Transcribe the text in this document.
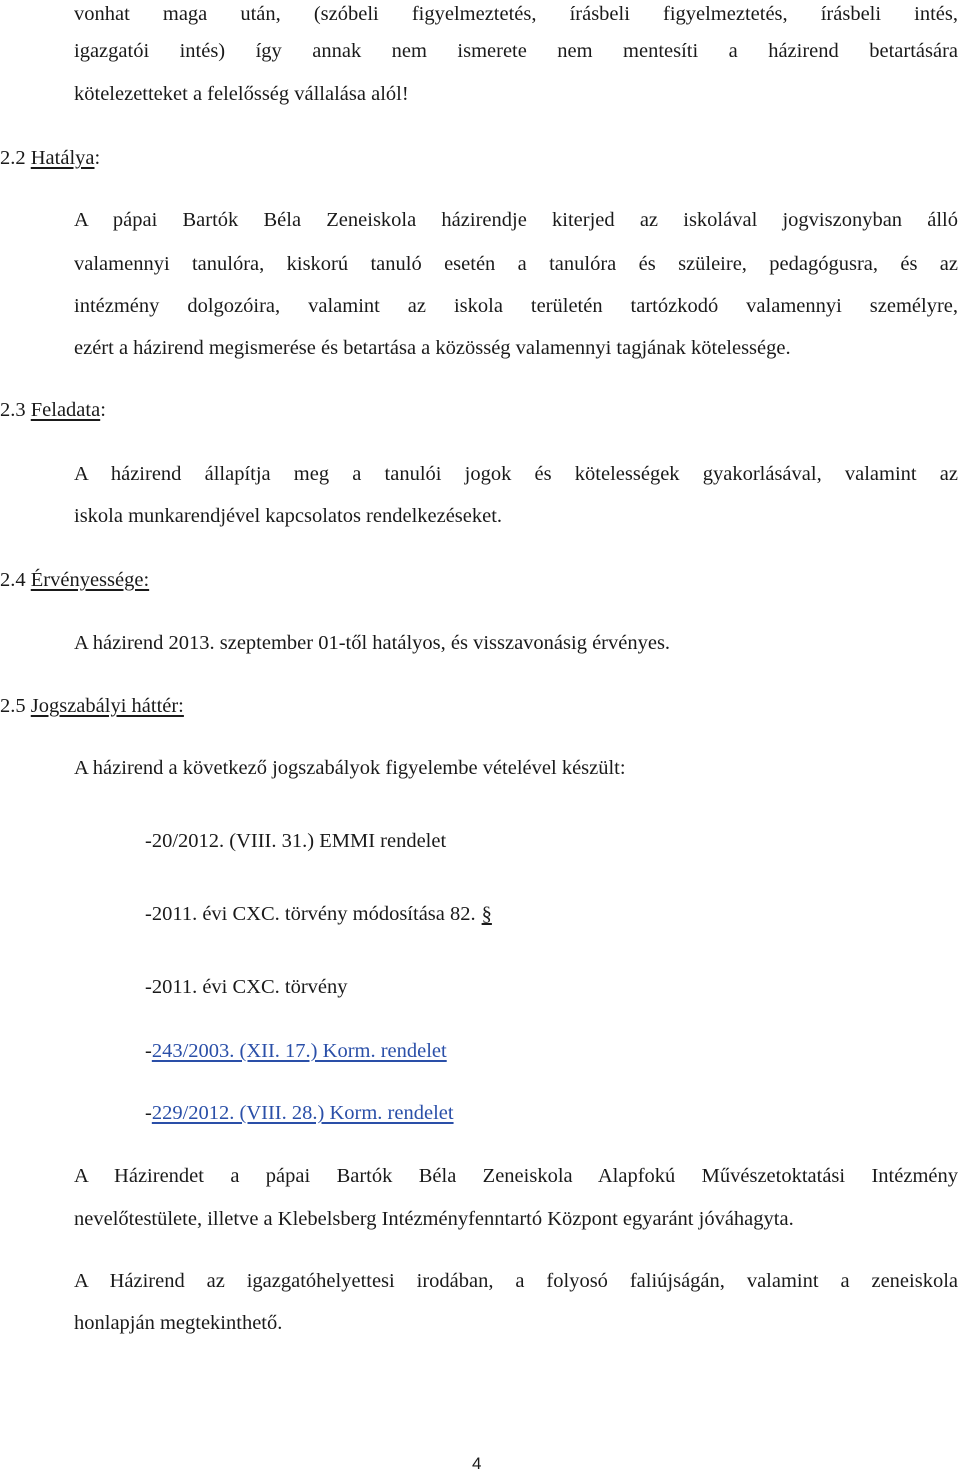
vonhat maga után, (szóbeli figyelmeztetés, írásbeli figyelmeztetés, írásbeli intés,
igazgatói intés) így annak nem ismerete nem mentesíti a házirend betartására
kötelezetteket a felelősség vállalása alól!
2.2 Hatálya:
A pápai Bartók Béla Zeneiskola házirendje kiterjed az iskolával jogviszonyban álló
valamennyi tanulóra, kiskorú tanuló esetén a tanulóra és szüleire, pedagógusra, és az
intézmény dolgozóira, valamint az iskola területén tartózkodó valamennyi személyre,
ezért a házirend megismerése és betartása a közösség valamennyi tagjának kötelessége.
2.3 Feladata:
A házirend állapítja meg a tanulói jogok és kötelességek gyakorlásával, valamint az
iskola munkarendjével kapcsolatos rendelkezéseket.
2.4 Érvényessége:
A házirend 2013. szeptember 01-től hatályos, és visszavonásig érvényes.
2.5 Jogszabályi háttér:
A házirend a következő jogszabályok figyelembe vételével készült:
-20/2012. (VIII. 31.) EMMI rendelet
-2011. évi CXC. törvény módosítása 82. §
-2011. évi CXC. törvény
-243/2003. (XII. 17.) Korm. rendelet
-229/2012. (VIII. 28.) Korm. rendelet
A Házirendet a pápai Bartók Béla Zeneiskola Alapfokú Művészetoktatási Intézmény
nevelőtestülete, illetve a Klebelsberg Intézményfenntartó Központ egyaránt jóváhagyta.
A Házirend az igazgatóhelyettesi irodában, a folyosó faliújságán, valamint a zeneiskola
honlapján megtekinthető.
4
